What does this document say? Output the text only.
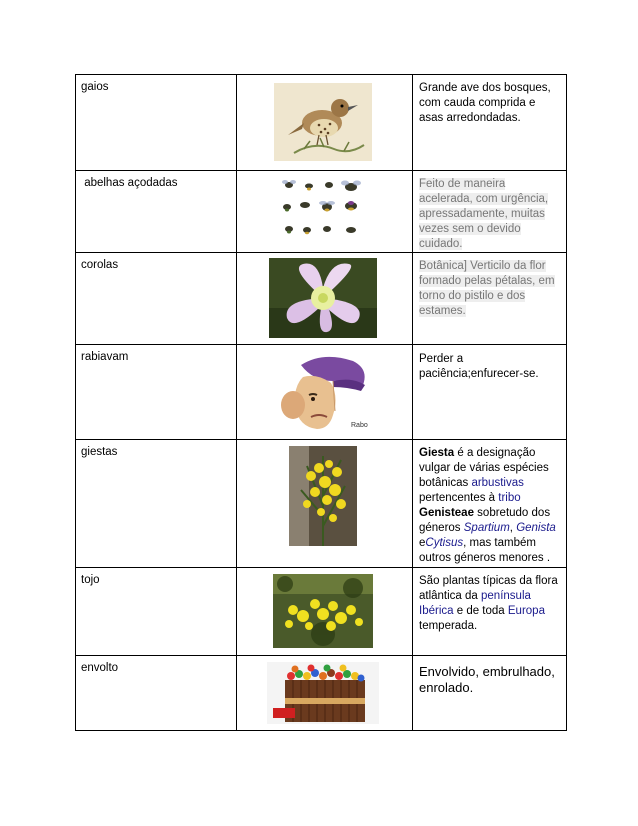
gaios		Grande ave dos bosques, com cauda comprida e asas arredondadas.

abelhas açodadas		Feito de maneira
acelerada, com urgência,
apressadamente, muitas
vezes sem o devido
cuidado.

corolas		Botânica] Verticilo da flor
formado pelas pétalas, em
torno do pistilo e dos
estames.

rabiavam	Rabo	Perder a paciência;enfurecer-se.

giestas		Giesta é a designação vulgar de várias espécies botânicas arbustivas pertencentes à tribo Genisteae sobretudo dos géneros Spartium, Genista eCytisus, mas também outros géneros menores .

tojo		São plantas típicas da flora atlântica da península Ibérica e de toda Europa temperada.

envolto		Envolvido, embrulhado, enrolado.
